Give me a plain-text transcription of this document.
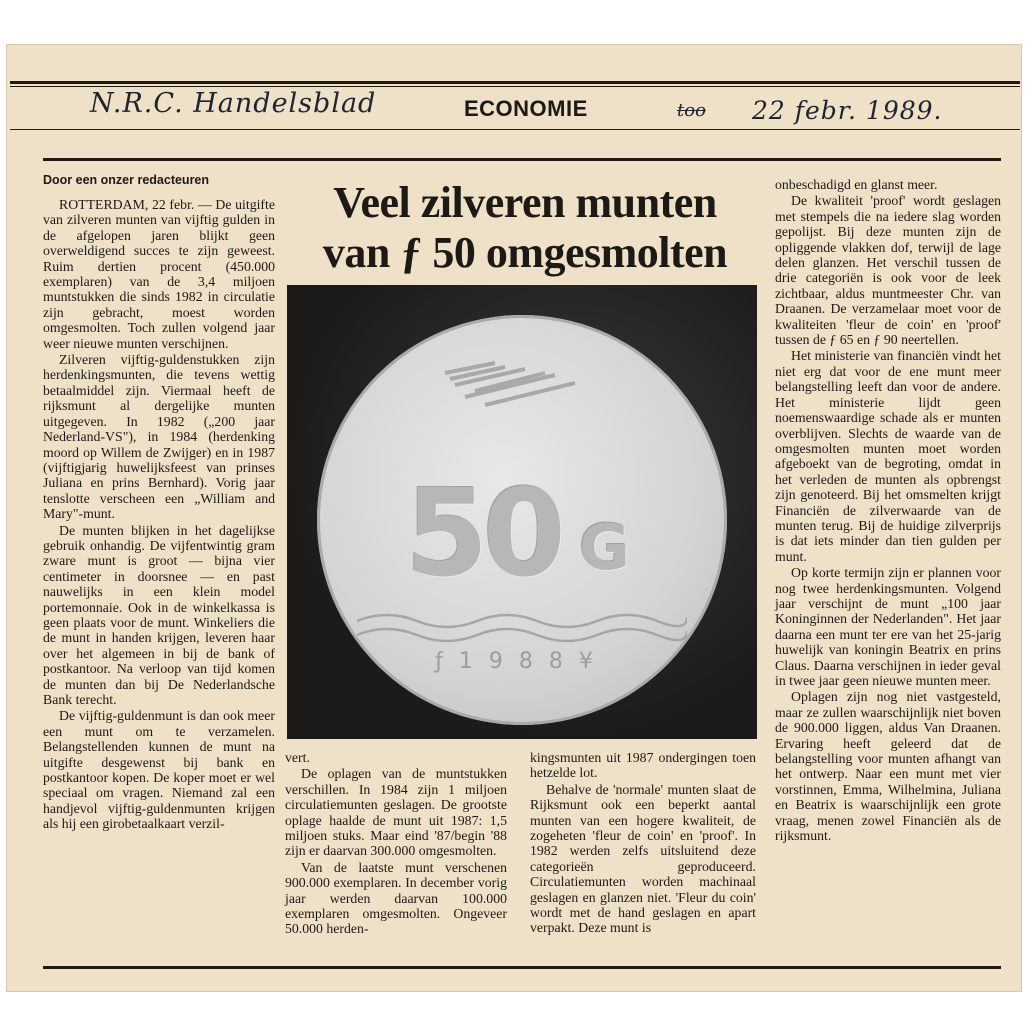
N.R.C. Handelsblad	ECONOMIE	too 22 febr. 1989.
Door een onzer redacteuren

ROTTERDAM, 22 febr. — De uitgifte van zilveren munten van vijftig gulden in de afgelopen jaren blijkt geen overweldigend succes te zijn geweest. Ruim dertien procent (450.000 exemplaren) van de 3,4 miljoen muntstukken die sinds 1982 in circulatie zijn gebracht, moest worden omgesmolten. Toch zullen volgend jaar weer nieuwe munten verschijnen.

Zilveren vijftig-guldenstukken zijn herdenkingsmunten, die tevens wettig betaalmiddel zijn. Viermaal heeft de rijksmunt al dergelijke munten uitgegeven. In 1982 („200 jaar Nederland-VS"), in 1984 (herdenking moord op Willem de Zwijger) en in 1987 (vijftigjarig huwelijksfeest van prinses Juliana en prins Bernhard). Vorig jaar tenslotte verscheen een „William and Mary"-munt.

De munten blijken in het dagelijkse gebruik onhandig. De vijfentwintig gram zware munt is groot — bijna vier centimeter in doorsnee — en past nauwelijks in een klein model portemonnaie. Ook in de winkelkassa is geen plaats voor de munt. Winkeliers die de munt in handen krijgen, leveren haar over het algemeen in bij de bank of postkantoor. Na verloop van tijd komen de munten dan bij De Nederlandsche Bank terecht.

De vijftig-guldenmunt is dan ook meer een munt om te verzamelen. Belangstellenden kunnen de munt na uitgifte desgewenst bij bank en postkantoor kopen. De koper moet er wel speciaal om vragen. Niemand zal een handjevol vijftig-guldenmunten krijgen als hij een girobetaalkaart verzil-

Veel zilveren munten
van ƒ 50 omgesmolten
50 G
ƒ1988¥

vert.

De oplagen van de muntstukken verschillen. In 1984 zijn 1 miljoen circulatiemunten geslagen. De grootste oplage haalde de munt uit 1987: 1,5 miljoen stuks. Maar eind '87/begin '88 zijn er daarvan 300.000 omgesmolten.

Van de laatste munt verschenen 900.000 exemplaren. In december vorig jaar werden daarvan 100.000 exemplaren omgesmolten. Ongeveer 50.000 herden-

kingsmunten uit 1987 ondergingen toen hetzelde lot.

Behalve de 'normale' munten slaat de Rijksmunt ook een beperkt aantal munten van een hogere kwaliteit, de zogeheten 'fleur de coin' en 'proof'. In 1982 werden zelfs uitsluitend deze categorieën geproduceerd. Circulatiemunten worden machinaal geslagen en glanzen niet. 'Fleur du coin' wordt met de hand geslagen en apart verpakt. Deze munt is

onbeschadigd en glanst meer.

De kwaliteit 'proof' wordt geslagen met stempels die na iedere slag worden gepolijst. Bij deze munten zijn de opliggende vlakken dof, terwijl de lage delen glanzen. Het verschil tussen de drie categoriën is ook voor de leek zichtbaar, aldus muntmeester Chr. van Draanen. De verzamelaar moet voor de kwaliteiten 'fleur de coin' en 'proof' tussen de ƒ 65 en ƒ 90 neertellen.

Het ministerie van financiën vindt het niet erg dat voor de ene munt meer belangstelling leeft dan voor de andere. Het ministerie lijdt geen noemenswaardige schade als er munten overblijven. Slechts de waarde van de omgesmolten munten moet worden afgeboekt van de begroting, omdat in het verleden de munten als opbrengst zijn genoteerd. Bij het omsmelten krijgt Financiën de zilverwaarde van de munten terug. Bij de huidige zilverprijs is dat iets minder dan tien gulden per munt.

Op korte termijn zijn er plannen voor nog twee herdenkingsmunten. Volgend jaar verschijnt de munt „100 jaar Koninginnen der Nederlanden". Het jaar daarna een munt ter ere van het 25-jarig huwelijk van koningin Beatrix en prins Claus. Daarna verschijnen in ieder geval in twee jaar geen nieuwe munten meer.

Oplagen zijn nog niet vastgesteld, maar ze zullen waarschijnlijk niet boven de 900.000 liggen, aldus Van Draanen. Ervaring heeft geleerd dat de belangstelling voor munten afhangt van het ontwerp. Naar een munt met vier vorstinnen, Emma, Wilhelmina, Juliana en Beatrix is waarschijnlijk een grote vraag, menen zowel Financiën als de rijksmunt.
